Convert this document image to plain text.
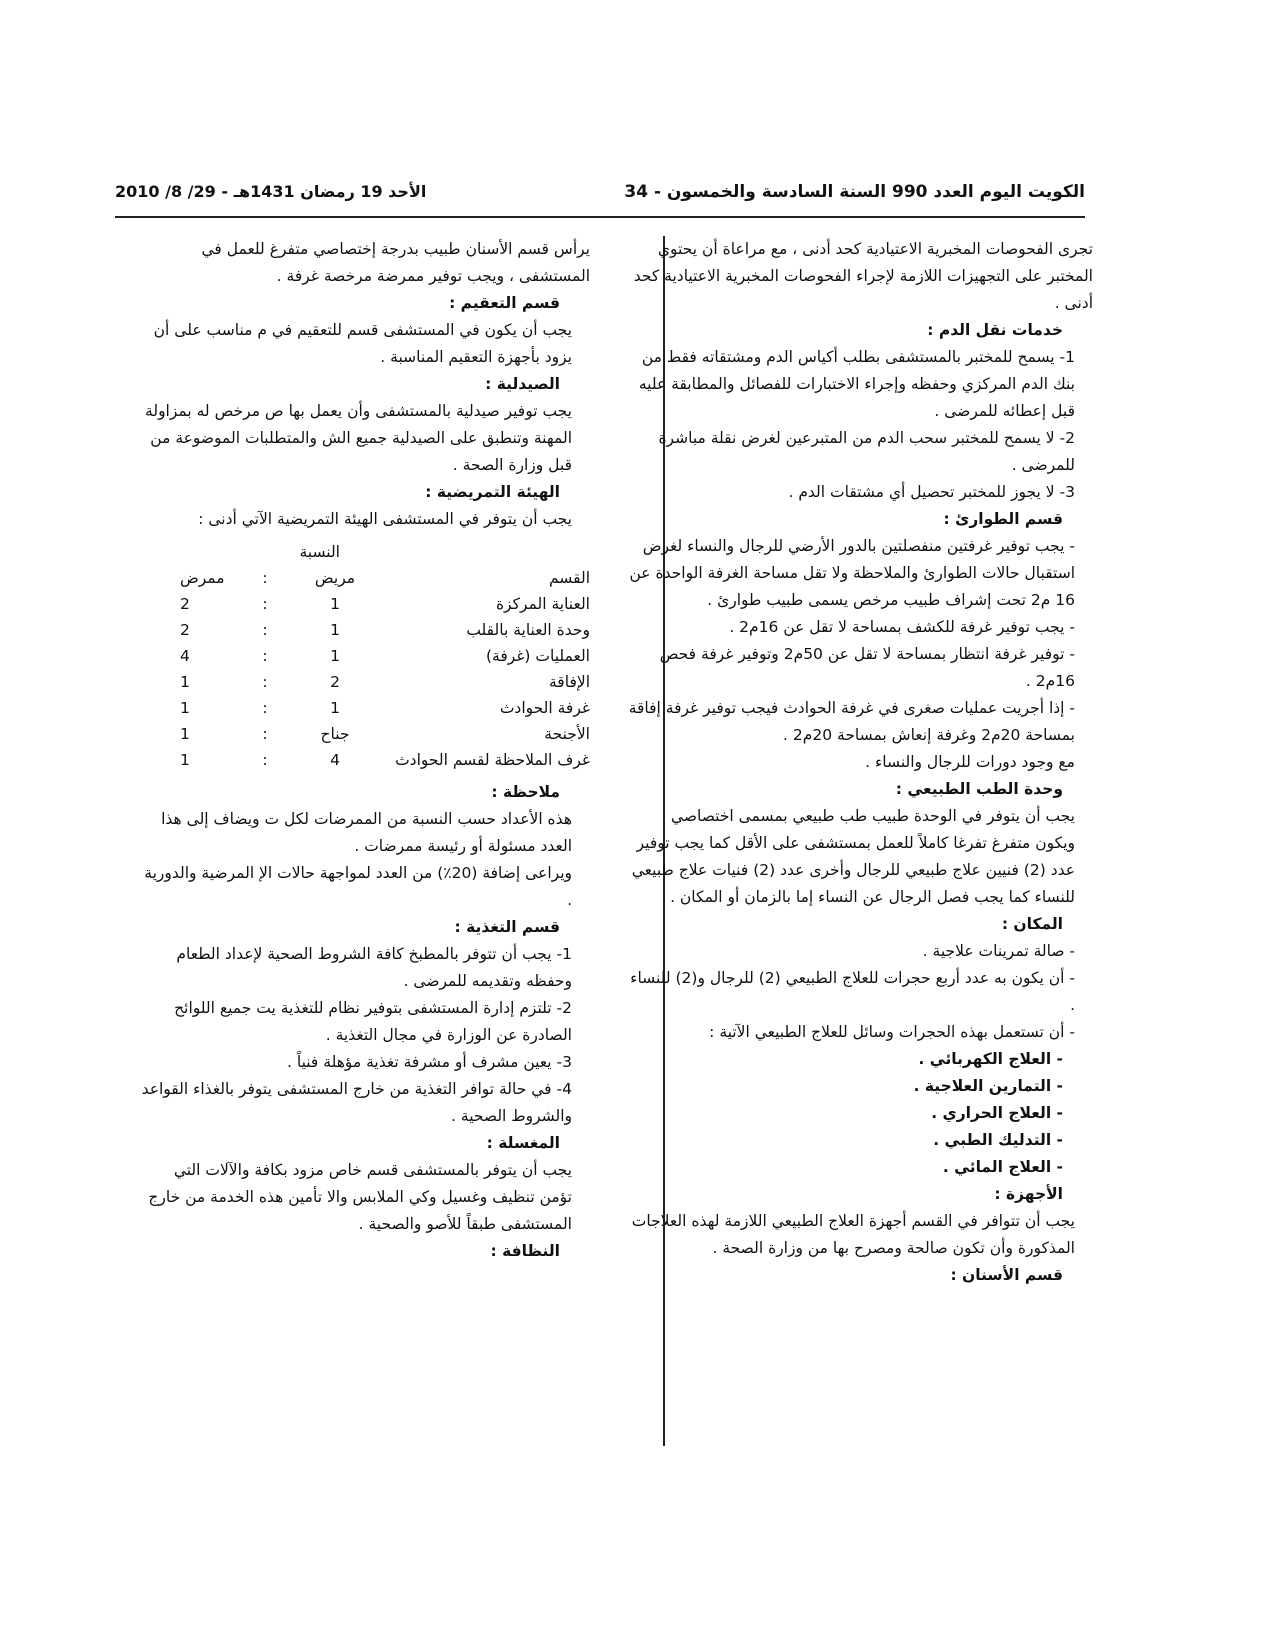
الكويت اليوم العدد 990 السنة السادسة والخمسون - 34
الأحد 19 رمضان 1431هـ - 29/ 8/ 2010

تجرى الفحوصات المخبرية الاعتيادية كحد أدنى ، مع مراعاة أن يحتوي المختبر على التجهيزات اللازمة لإجراء الفحوصات المخبرية الاعتيادية كحد أدنى .

خدمات نقل الدم :

1- يسمح للمختبر بالمستشفى بطلب أكياس الدم ومشتقاته فقط من بنك الدم المركزي وحفظه وإجراء الاختبارات للفصائل والمطابقة عليه قبل إعطائه للمرضى .

2- لا يسمح للمختبر سحب الدم من المتبرعين لغرض نقلة مباشرة للمرضى .

3- لا يجوز للمختبر تحصيل أي مشتقات الدم .

قسم الطوارئ :

- يجب توفير غرفتين منفصلتين بالدور الأرضي للرجال والنساء لغرض استقبال حالات الطوارئ والملاحظة ولا تقل مساحة الغرفة الواحدة عن 16 م2 تحت إشراف طبيب مرخص يسمى طبيب طوارئ .

- يجب توفير غرفة للكشف بمساحة لا تقل عن 16م2 .

- توفير غرفة انتظار بمساحة لا تقل عن 50م2 وتوفير غرفة فحص 16م2 .

- إذا أجريت عمليات صغرى في غرفة الحوادث فيجب توفير غرفة إفاقة بمساحة 20م2 وغرفة إنعاش بمساحة 20م2 .

مع وجود دورات للرجال والنساء .

وحدة الطب الطبيعي :

يجب أن يتوفر في الوحدة طبيب طب طبيعي بمسمى اختصاصي ويكون متفرغ تفرغا كاملاً للعمل بمستشفى على الأقل كما يجب توفير عدد (2) فنيين علاج طبيعي للرجال وأخرى عدد (2) فنيات علاج طبيعي للنساء كما يجب فصل الرجال عن النساء إما بالزمان أو المكان .

المكان :

- صالة تمرينات علاجية .

- أن يكون به عدد أربع حجرات للعلاج الطبيعي (2) للرجال و(2) للنساء .

- أن تستعمل بهذه الحجرات وسائل للعلاج الطبيعي الآتية :

- العلاج الكهربائي .

- التمارين العلاجية .

- العلاج الحراري .

- التدليك الطبي .

- العلاج المائي .

الأجهزة :

يجب أن تتوافر في القسم أجهزة العلاج الطبيعي اللازمة لهذه العلاجات المذكورة وأن تكون صالحة ومصرح بها من وزارة الصحة .

قسم الأسنان :

يرأس قسم الأسنان طبيب بدرجة إختصاصي متفرغ للعمل في المستشفى ، ويجب توفير ممرضة مرخصة غرفة .

قسم التعقيم :

يجب أن يكون في المستشفى قسم للتعقيم في م مناسب على أن يزود بأجهزة التعقيم المناسبة .

الصيدلية :

يجب توفير صيدلية بالمستشفى وأن يعمل بها ص مرخص له بمزاولة المهنة وتنطبق على الصيدلية جميع الش والمتطلبات الموضوعة من قبل وزارة الصحة .

الهيئة التمريضية :

يجب أن يتوفر في المستشفى الهيئة التمريضية الآتي أدنى :

النسبة
القسم
مريض
:
ممرض
العناية المركزة
1
:
2
وحدة العناية بالقلب
1
:
2
العمليات (غرفة)
1
:
4
الإفاقة
2
:
1
غرفة الحوادث
1
:
1
الأجنحة
جناح
:
1
غرف الملاحظة لقسم الحوادث
4
:
1

ملاحظة :

هذه الأعداد حسب النسبة من الممرضات لكل ت ويضاف إلى هذا العدد مسئولة أو رئيسة ممرضات .

ويراعى إضافة (20٪) من العدد لمواجهة حالات الإ المرضية والدورية .

قسم التغذية :

1- يجب أن تتوفر بالمطبخ كافة الشروط الصحية لإعداد الطعام وحفظه وتقديمه للمرضى .

2- تلتزم إدارة المستشفى بتوفير نظام للتغذية يت جميع اللوائح الصادرة عن الوزارة في مجال التغذية .

3- يعين مشرف أو مشرفة تغذية مؤهلة فنياً .

4- في حالة توافر التغذية من خارج المستشفى يتوفر بالغذاء القواعد والشروط الصحية .

المغسلة :

يجب أن يتوفر بالمستشفى قسم خاص مزود بكافة والآلات التي تؤمن تنظيف وغسيل وكي الملابس والا تأمين هذه الخدمة من خارج المستشفى طبقاً للأصو والصحية .

النظافة :
